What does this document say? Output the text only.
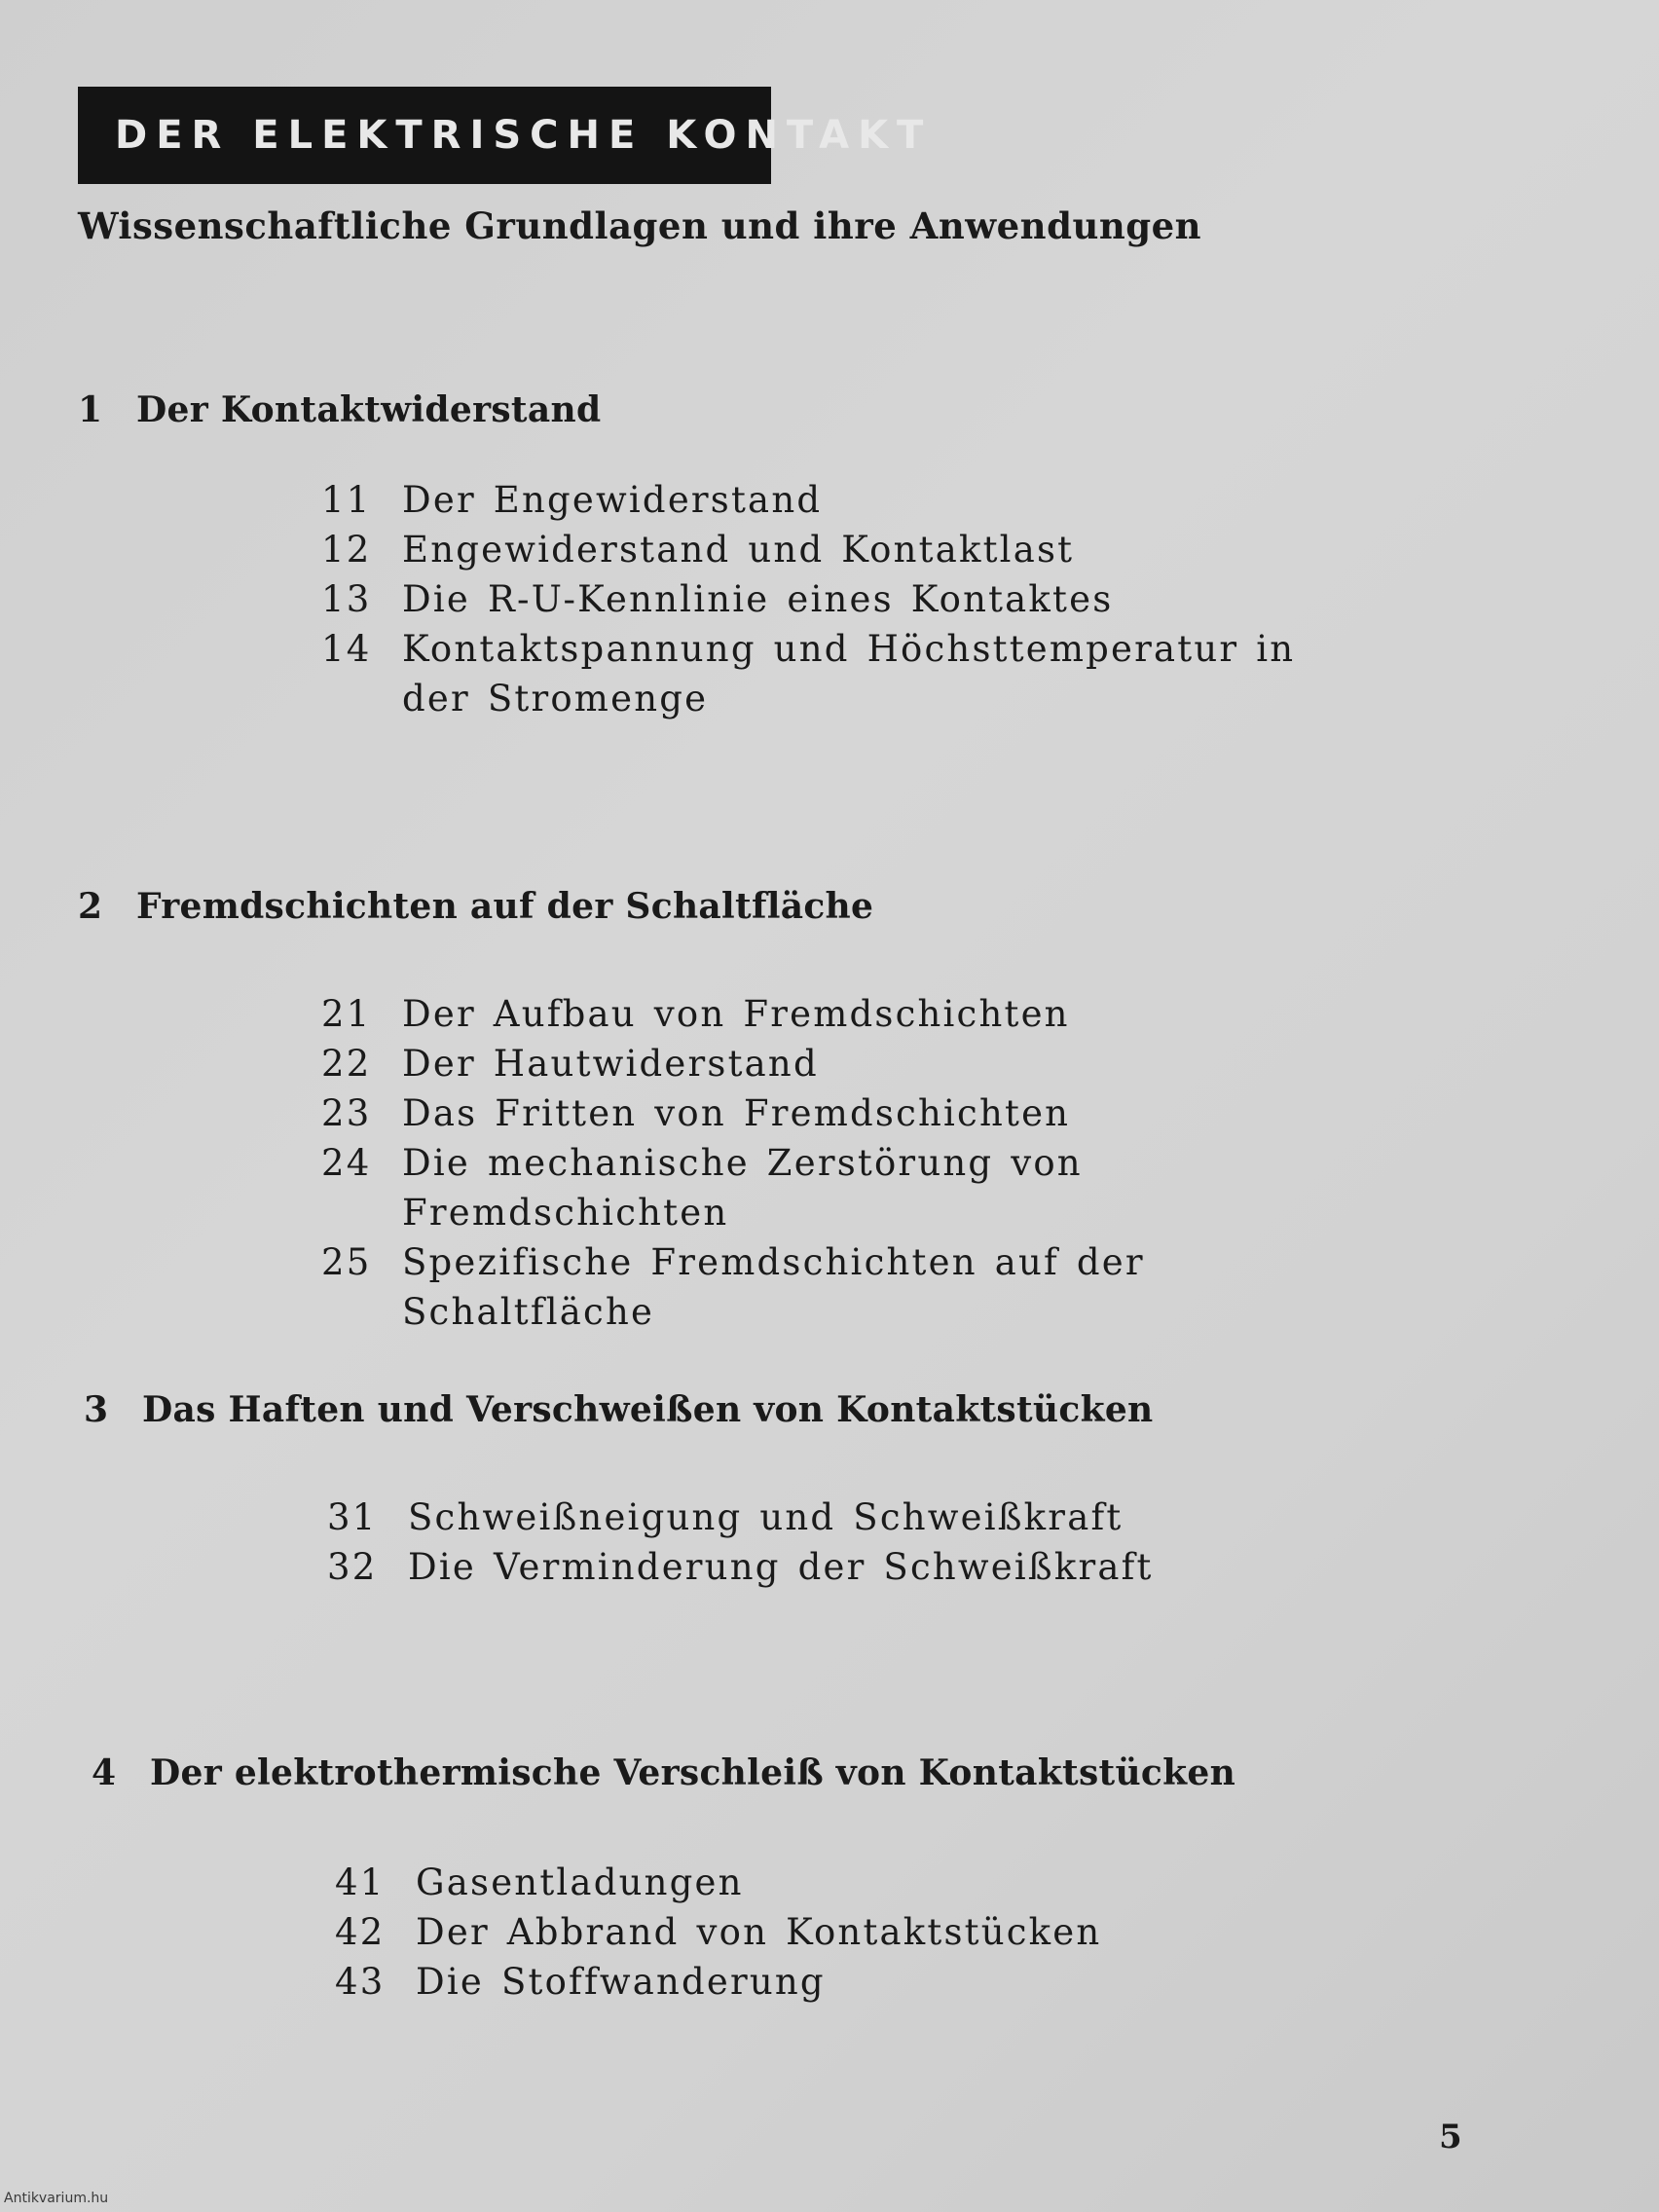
DER ELEKTRISCHE KONTAKT
Wissenschaftliche Grundlagen und ihre Anwendungen
1 Der Kontaktwiderstand
11 Der Engewiderstand
12 Engewiderstand und Kontaktlast
13 Die R-U-Kennlinie eines Kontaktes
14 Kontaktspannung und Höchsttemperatur in der Stromenge
2 Fremdschichten auf der Schaltfläche
21 Der Aufbau von Fremdschichten
22 Der Hautwiderstand
23 Das Fritten von Fremdschichten
24 Die mechanische Zerstörung von Fremdschichten
25 Spezifische Fremdschichten auf der Schaltfläche
3 Das Haften und Verschweißen von Kontaktstücken
31 Schweißneigung und Schweißkraft
32 Die Verminderung der Schweißkraft
4 Der elektrothermische Verschleiß von Kontaktstücken
41 Gasentladungen
42 Der Abbrand von Kontaktstücken
43 Die Stoffwanderung
5
Antikvarium.hu
